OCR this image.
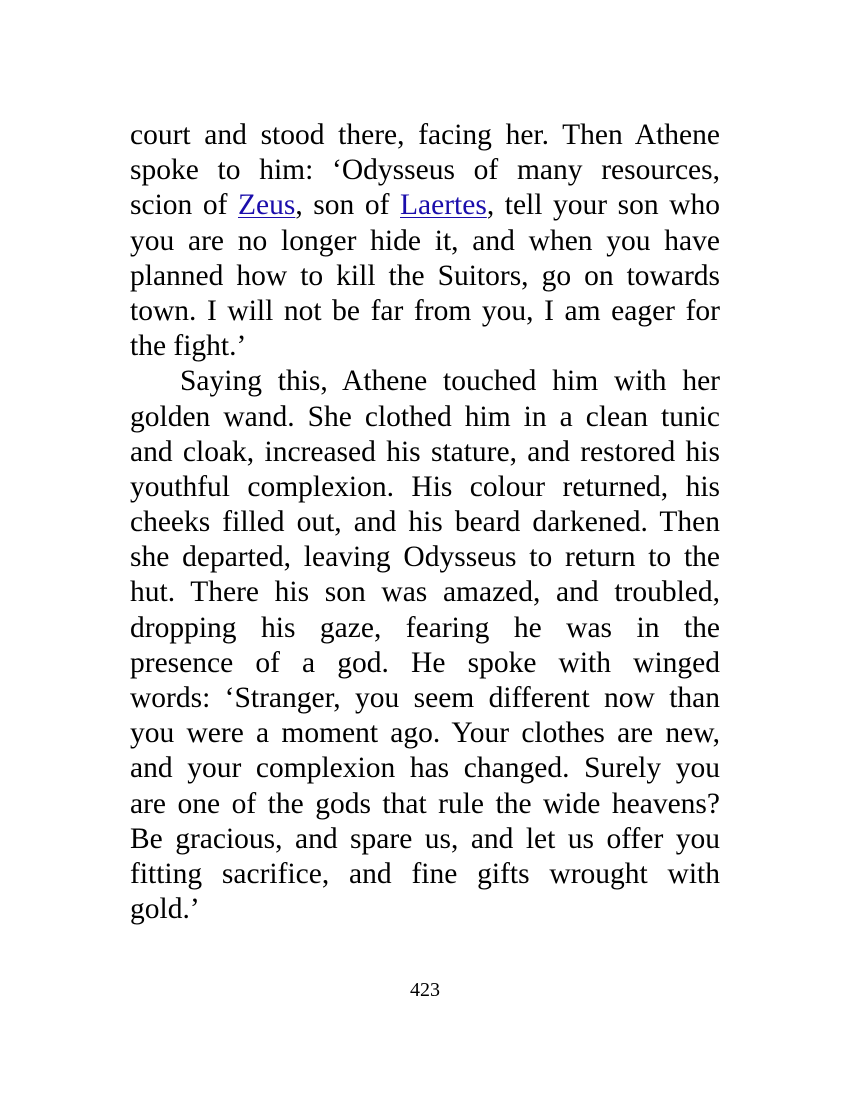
court and stood there, facing her. Then Athene
spoke to him: ‘Odysseus of many resources,
scion of Zeus, son of Laertes, tell your son who
you are no longer hide it, and when you have
planned how to kill the Suitors, go on towards
town. I will not be far from you, I am eager for
the fight.’
Saying this, Athene touched him with her
golden wand. She clothed him in a clean tunic
and cloak, increased his stature, and restored his
youthful complexion. His colour returned, his
cheeks filled out, and his beard darkened. Then
she departed, leaving Odysseus to return to the
hut. There his son was amazed, and troubled,
dropping his gaze, fearing he was in the
presence of a god. He spoke with winged
words: ‘Stranger, you seem different now than
you were a moment ago. Your clothes are new,
and your complexion has changed. Surely you
are one of the gods that rule the wide heavens?
Be gracious, and spare us, and let us offer you
fitting sacrifice, and fine gifts wrought with
gold.’
423
